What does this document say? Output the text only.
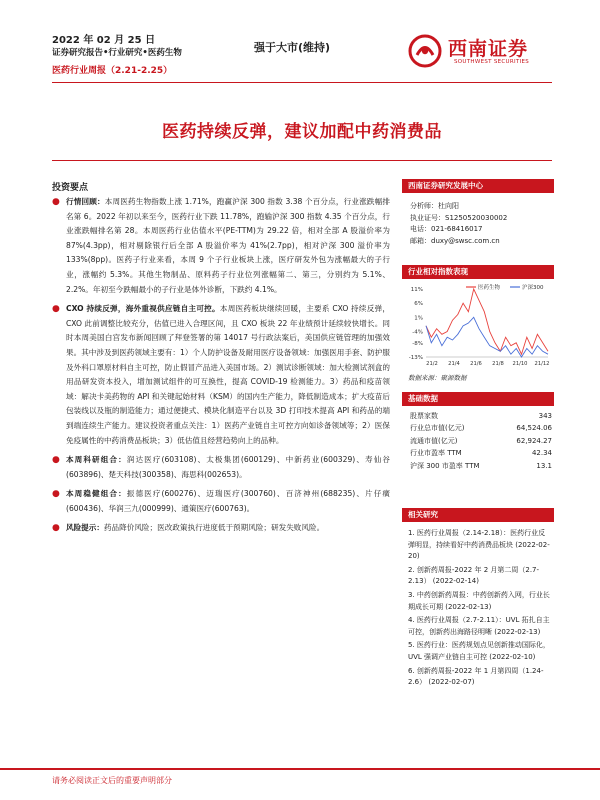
2022 年 02 月 25 日
证券研究报告•行业研究•医药生物
医药行业周报（2.21-2.25）
强于大市(维持)	西南证券
SOUTHWEST SECURITIES
医药持续反弹，建议加配中药消费品
投资要点
● 行情回顾：本周医药生物指数上涨 1.71%，跑赢沪深 300 指数 3.38 个百分点，行业涨跌幅排名第 6。2022 年初以来至今，医药行业下跌 11.78%，跑输沪深 300 指数 4.35 个百分点，行业涨跌幅排名第 28。本周医药行业估值水平(PE-TTM)为 29.22 倍，相对全部 A 股溢价率为 87%(4.3pp)，相对剔除银行后全部 A 股溢价率为 41%(2.7pp)，相对沪深 300 溢价率为 133%(8pp)。医药子行业来看，本周 9 个子行业板块上涨，医疗研发外包为涨幅最大的子行业，涨幅约 5.3%。其他生物制品、原料药子行业位列涨幅第二、第三，分别约为 5.1%、2.2%。年初至今跌幅最小的子行业是体外诊断，下跌约 4.1%。
● CXO 持续反弹，海外重视供应链自主可控。本周医药板块继续回暖，主要系 CXO 持续反弹，CXO 此前调整比较充分，估值已进入合理区间，且 CXO 板块 22 年业绩预计延续较快增长。同时本周美国白宫发布新闻回顾了拜登签署的第 14017 号行政法案后，美国供应链管理的加强效果。其中涉及到医药领域主要有：1）个人防护设备及耐用医疗设备领域：加强医用手套、防护服及外科口罩原材料自主可控，防止假冒产品进入美国市场。2）测试诊断领域：加大检测试剂盒的用品研发资本投入，增加测试组件的可互换性，提高 COVID-19 检测能力。3）药品和疫苗领域：解决卡美药物的 API 和关键起始材料（KSM）的国内生产能力，降低制造成本；扩大疫苗后包装线以及瓶的制造能力；通过便捷式、模块化制造平台以及 3D 打印技术提高 API 和药品的端到端连续生产能力。建议投资者重点关注：1）医药产业链自主可控方向如诊备领域等；2）医保免疫属性的中药消费品板块；3）低估值且经营趋势向上的品种。
● 本周科研组合：润达医疗(603108)、太极集团(600129)、中新药业(600329)、寿仙谷(603896)、楚天科技(300358)、海思科(002653)。
● 本周稳健组合：振德医疗(600276)、迈瑞医疗(300760)、百济神州(688235)、片仔癀(600436)、华润三九(000999)、通策医疗(600763)。
● 风险提示：药品降价风险；医改政策执行进度低于预期风险；研发失败风险。
西南证券研究发展中心
分析师：杜向阳
执业证号：S1250520030002
电话：021-68416017
邮箱：duxy@swsc.com.cn
行业相对指数表现
11%
6%
1%
-4%
-8%
-13%
21/2 21/4 21/6 21/8 21/10 21/12
医药生物	沪深300
数据来源：聚源数据
基础数据
股票家数	343
行业总市值(亿元)	64,524.06
流通市值(亿元)	62,924.27
行业市盈率 TTM	42.34
沪深 300 市盈率 TTM	13.1
相关研究
1. 医药行业周报（2.14-2.18）：医药行业反弹明显，持续看好中药消费品板块 (2022-02-20)
2. 创新药周报-2022 年 2 月第二周（2.7-2.13） (2022-02-14)
3. 中药创新药周报：中药创新药入网，行业长期成长可期 (2022-02-13)
4. 医药行业周报（2.7-2.11）：UVL 拓扎自主可控，创新药出海路径明晰 (2022-02-13)
5. 医药行业：医药规划点见创新推动国际化，UVL 强调产业链自主可控 (2022-02-10)
6. 创新药周报-2022 年 1 月第四周（1.24-2.6） (2022-02-07)
请务必阅读正文后的重要声明部分
